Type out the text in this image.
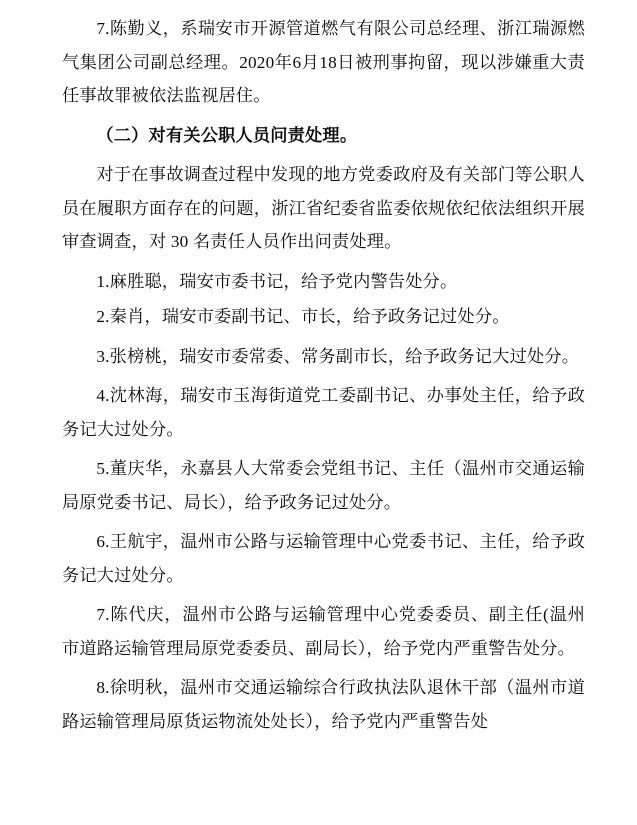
7.陈勤义，系瑞安市开源管道燃气有限公司总经理、浙江瑞源燃气集团公司副总经理。2020年6月18日被刑事拘留，现以涉嫌重大责任事故罪被依法监视居住。

（二）对有关公职人员问责处理。

对于在事故调查过程中发现的地方党委政府及有关部门等公职人员在履职方面存在的问题，浙江省纪委省监委依规依纪依法组织开展审查调查，对 30 名责任人员作出问责处理。

1.麻胜聪，瑞安市委书记，给予党内警告处分。

2.秦肖，瑞安市委副书记、市长，给予政务记过处分。

3.张榜桃，瑞安市委常委、常务副市长，给予政务记大过处分。

4.沈林海，瑞安市玉海街道党工委副书记、办事处主任，给予政务记大过处分。

5.董庆华，永嘉县人大常委会党组书记、主任（温州市交通运输局原党委书记、局长），给予政务记过处分。

6.王航宇，温州市公路与运输管理中心党委书记、主任，给予政务记大过处分。

7.陈代庆，温州市公路与运输管理中心党委委员、副主任(温州市道路运输管理局原党委委员、副局长），给予党内严重警告处分。

8.徐明秋，温州市交通运输综合行政执法队退休干部（温州市道路运输管理局原货运物流处处长），给予党内严重警告处
